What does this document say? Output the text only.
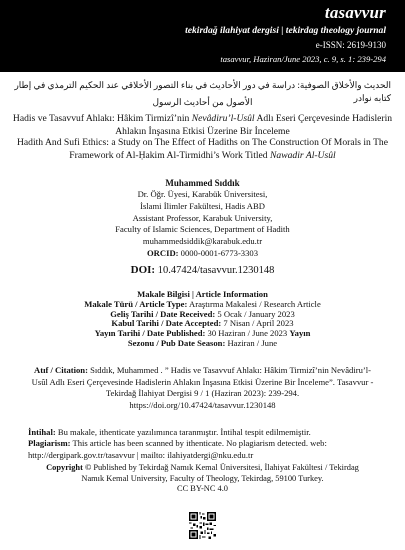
tasavvur
tekirdağ ilahiyat dergisi | tekirdag theology journal
e-ISSN: 2619-9130
tasavvur, Haziran/June 2023, c. 9, s. 1: 239-294
الحديث والأخلاق الصوفية: دراسة في دور الأحاديث في بناء التصور الأخلاقي عند الحكيم الترمذي في إطار كتابه نوادر
الأصول من أحاديث الرسول
Hadis ve Tasavvuf Ahlakı: Hâkim Tirmizî’nin Nevâdiru’l-Usûl Adlı Eseri Çerçevesinde Hadislerin
Ahlakın İnşasına Etkisi Üzerine Bir İnceleme
Hadith And Sufi Ethics: a Study on The Effect of Hadiths on The Construction Of Morals in The
Framework of Al-Ḥakim Al-Tirmidhi’s Work Titled Nawadir Al-Usûl
Muhammed Sıddık
Dr. Öğr. Üyesi, Karabük Üniversitesi,
İslami İlimler Fakültesi, Hadis ABD
Assistant Professor, Karabuk University,
Faculty of Islamic Sciences, Department of Hadith
muhammedsiddik@karabuk.edu.tr
ORCID: 0000-0001-6773-3303
DOI: 10.47424/tasavvur.1230148
Makale Bilgisi | Article Information
Makale Türü / Article Type: Araştırma Makalesi / Research Article
Geliş Tarihi / Date Received: 5 Ocak / January 2023
Kabul Tarihi / Date Accepted: 7 Nisan / April 2023
Yayın Tarihi / Date Published: 30 Haziran / June 2023 Yayın
Sezonu / Pub Date Season: Haziran / June
Atıf / Citation: Sıddık, Muhammed . ” Hadis ve Tasavvuf Ahlakı: Hâkim Tirmizî’nin Nevâdiru’l-Usûl Adlı Eseri Çerçevesinde Hadislerin Ahlakın İnşasına Etkisi Üzerine Bir İnceleme”. Tasavvur - Tekirdağ İlahiyat Dergisi 9 / 1 (Haziran 2023): 239-294.
https://doi.org/10.47424/tasavvur.1230148
İntihal: Bu makale, ithenticate yazılımınca taranmıştır. İntihal tespit edilmemiştir.
Plagiarism: This article has been scanned by ithenticate. No plagiarism detected. web: http://dergipark.gov.tr/tasavvur | mailto: ilahiyatdergi@nku.edu.tr
Copyright © Published by Tekirdağ Namık Kemal Üniversitesi, İlahiyat Fakültesi / Tekirdag Namık Kemal University, Faculty of Theology, Tekirdag, 59100 Turkey.
CC BY-NC 4.0
